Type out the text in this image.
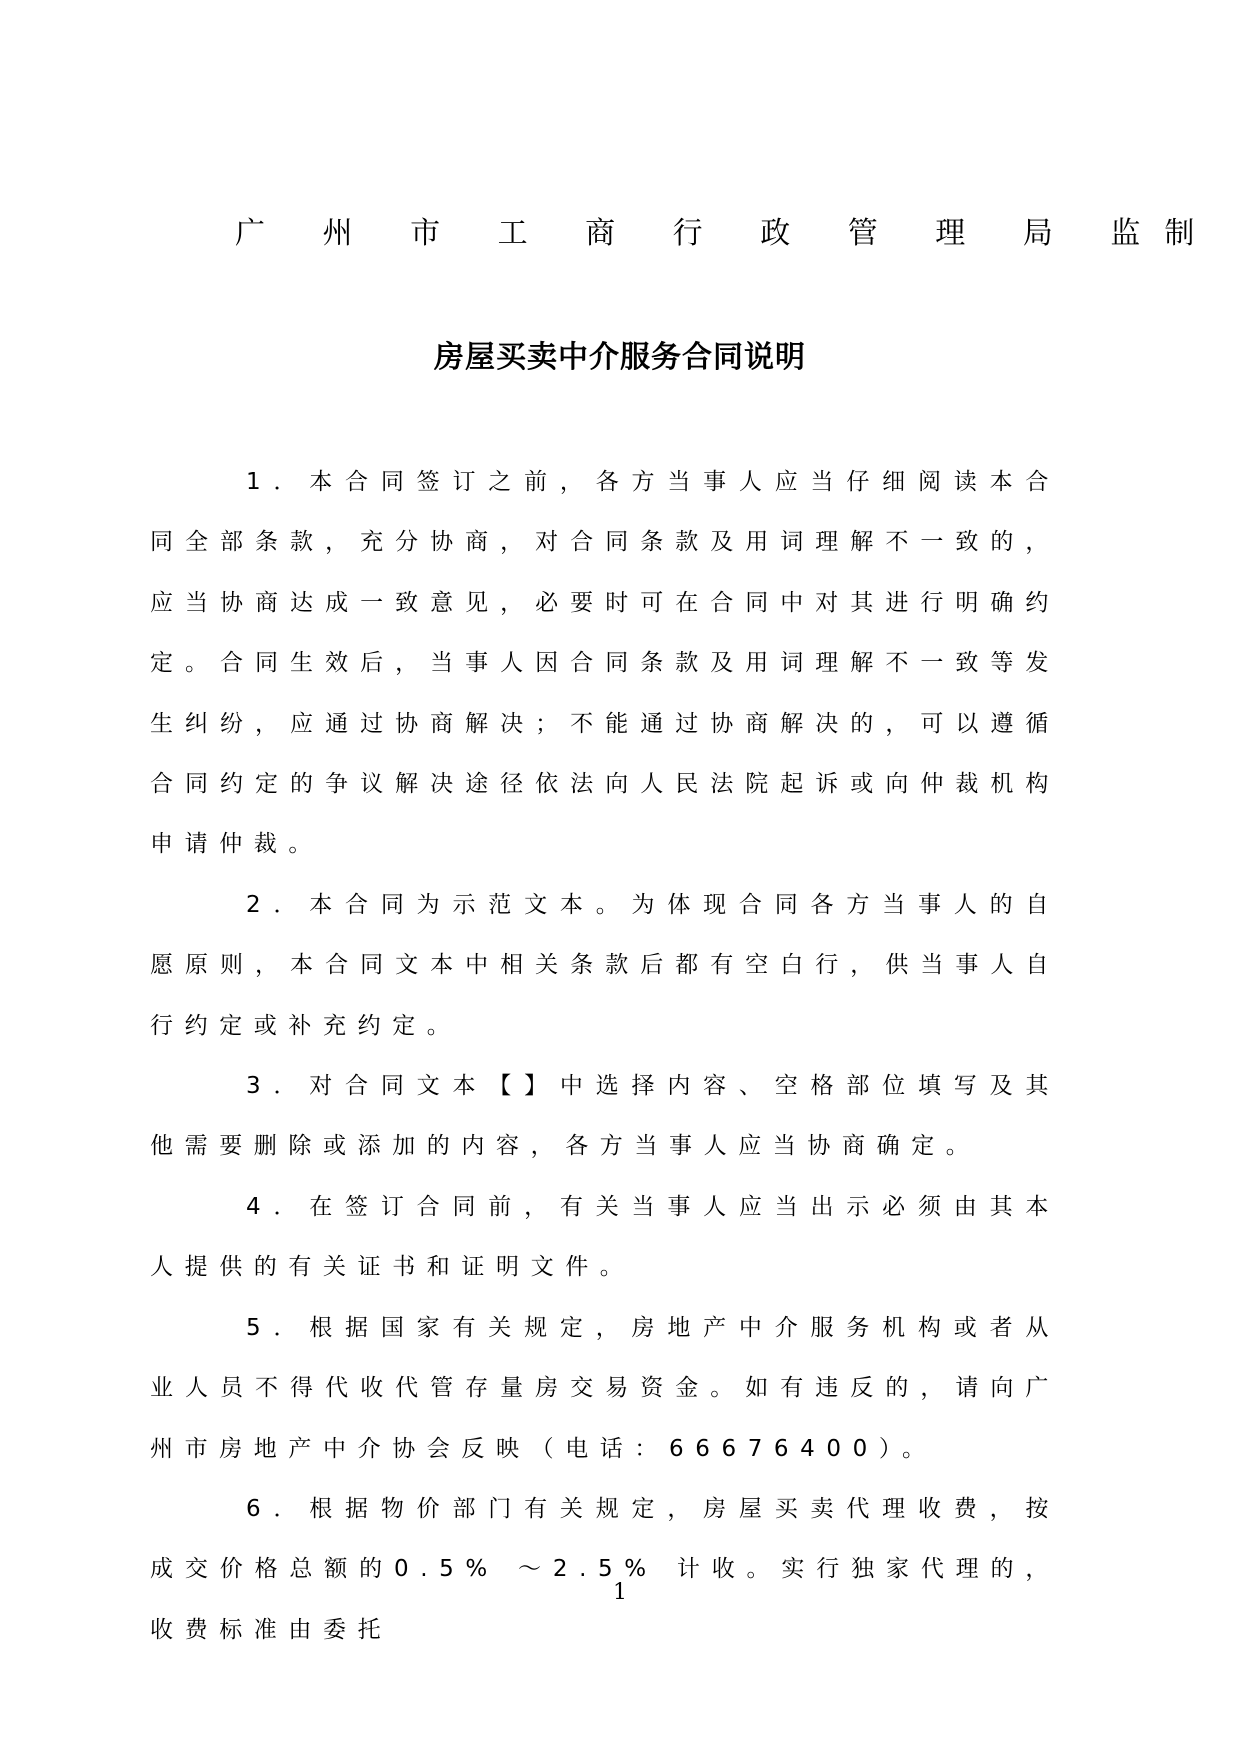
广 州 市 工 商 行 政 管 理 局 监制
房屋买卖中介服务合同说明

1．本合同签订之前，各方当事人应当仔细阅读本合同全部条款，充分协商，对合同条款及用词理解不一致的，应当协商达成一致意见，必要时可在合同中对其进行明确约定。合同生效后，当事人因合同条款及用词理解不一致等发生纠纷，应通过协商解决；不能通过协商解决的，可以遵循合同约定的争议解决途径依法向人民法院起诉或向仲裁机构申请仲裁。

2．本合同为示范文本。为体现合同各方当事人的自愿原则，本合同文本中相关条款后都有空白行，供当事人自行约定或补充约定。

3．对合同文本【】中选择内容、空格部位填写及其他需要删除或添加的内容，各方当事人应当协商确定。

4．在签订合同前，有关当事人应当出示必须由其本人提供的有关证书和证明文件。

5．根据国家有关规定，房地产中介服务机构或者从业人员不得代收代管存量房交易资金。如有违反的，请向广州市房地产中介协会反映（电话：66676400）。

6．根据物价部门有关规定，房屋买卖代理收费，按成交价格总额的0.5% ～2.5% 计收。实行独家代理的，收费标准由委托

1
